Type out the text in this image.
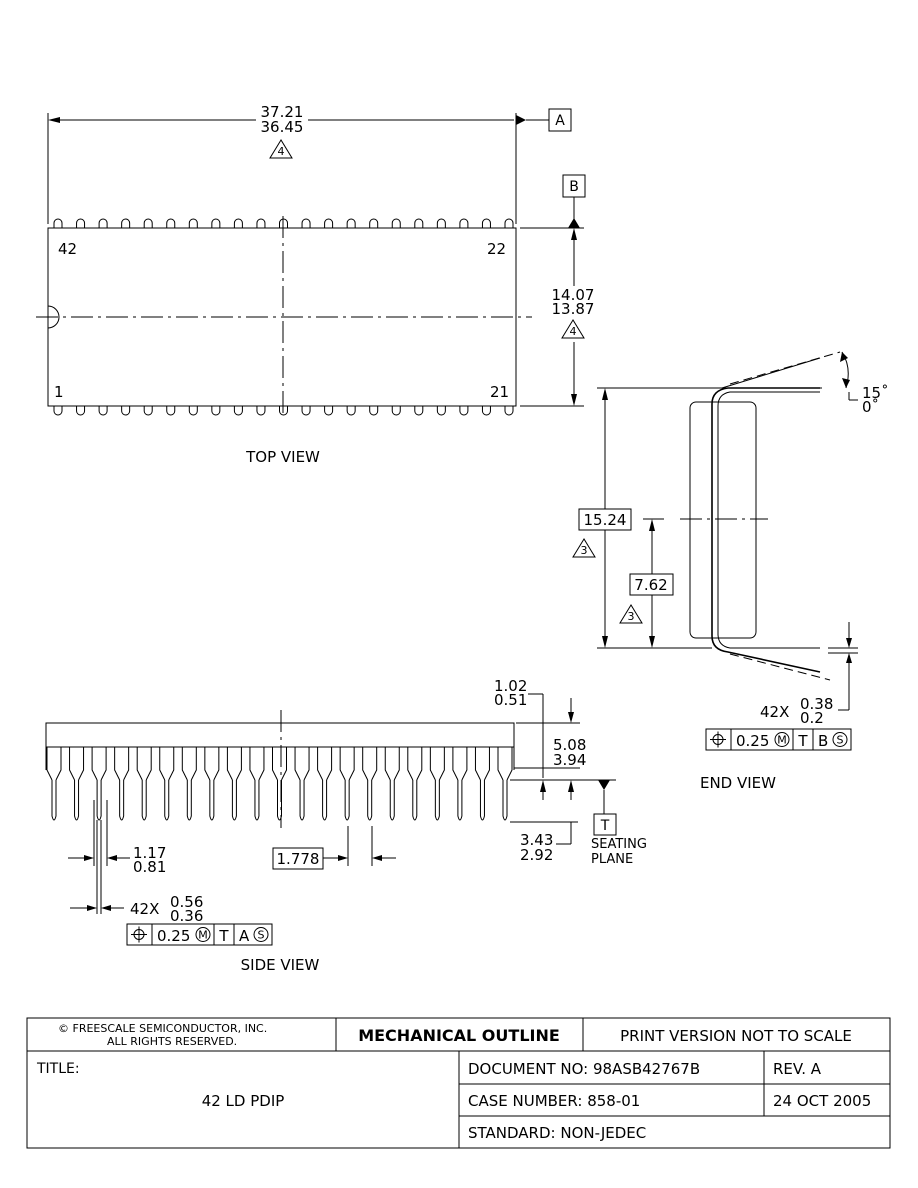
37.21
36.45
4
A
B
14.07
13.87
4
42	22
1	21
TOP VIEW
15˚
0˚
15.24
3
7.62
3
42X 0.38
0.2
0.25 M T B S
END VIEW
1.02
0.51
5.08
3.94
T
SEATING
PLANE
3.43
2.92
1.17
0.81	1.778
42X 0.56
0.36
0.25 M T A S
SIDE VIEW
© FREESCALE SEMICONDUCTOR, INC.
ALL RIGHTS RESERVED.	MECHANICAL OUTLINE	PRINT VERSION NOT TO SCALE
TITLE:
42 LD PDIP
DOCUMENT NO: 98ASB42767B	REV. A
CASE NUMBER: 858-01	24 OCT 2005
STANDARD: NON-JEDEC
